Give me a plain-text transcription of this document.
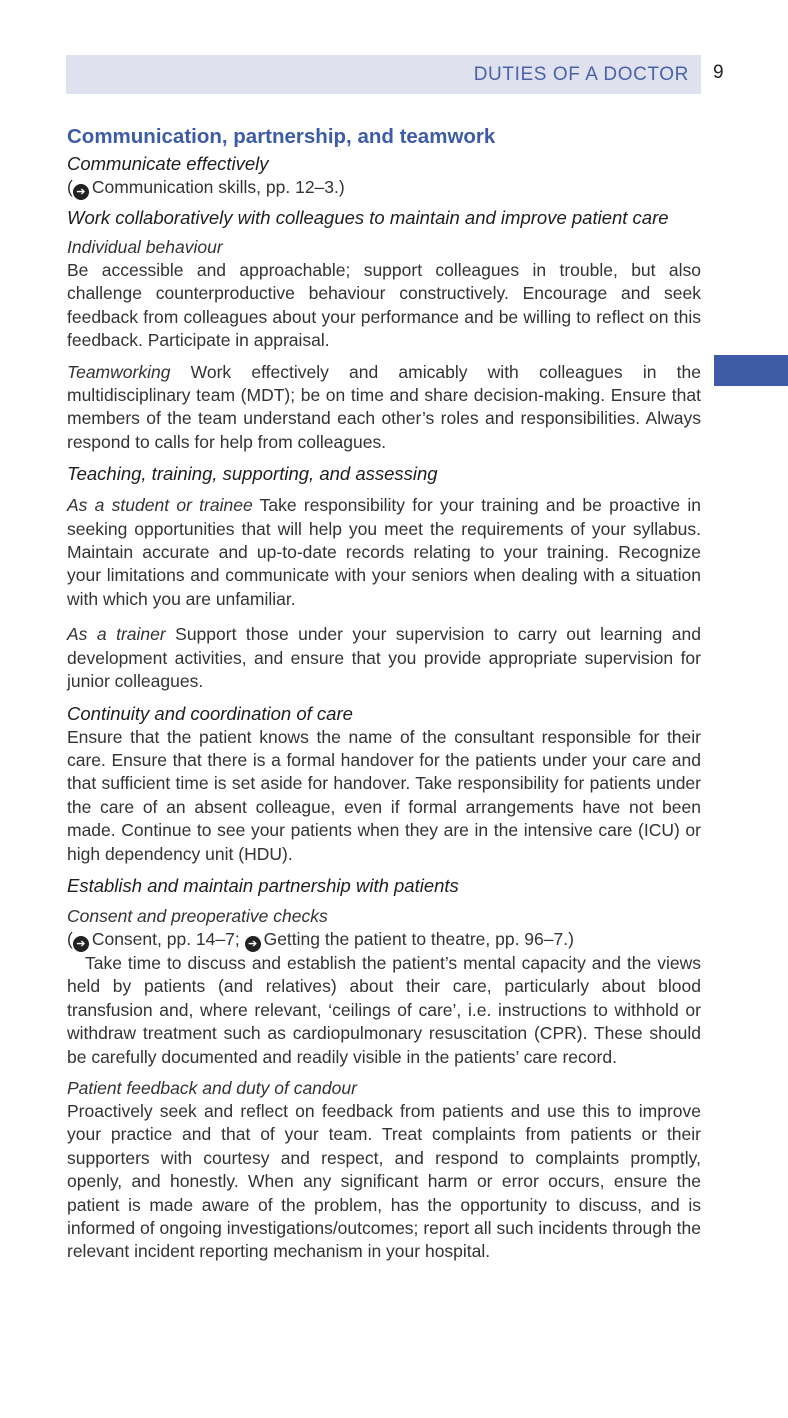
DUTIES OF A DOCTOR 9
Communication, partnership, and teamwork

Communicate effectively

( ➔ Communication skills, pp. 12–3.)

Work collaboratively with colleagues to maintain and improve patient care

Individual behaviour

Be accessible and approachable; support colleagues in trouble, but also challenge counterproductive behaviour constructively. Encourage and seek feedback from colleagues about your performance and be willing to reflect on this feedback. Participate in appraisal.

Teamworking Work effectively and amicably with colleagues in the multidisciplinary team (MDT); be on time and share decision-making. Ensure that members of the team understand each other’s roles and responsibilities. Always respond to calls for help from colleagues.

Teaching, training, supporting, and assessing

As a student or trainee Take responsibility for your training and be proactive in seeking opportunities that will help you meet the requirements of your syllabus. Maintain accurate and up-to-date records relating to your training. Recognize your limitations and communicate with your seniors when dealing with a situation with which you are unfamiliar.

As a trainer Support those under your supervision to carry out learning and development activities, and ensure that you provide appropriate supervision for junior colleagues.

Continuity and coordination of care

Ensure that the patient knows the name of the consultant responsible for their care. Ensure that there is a formal handover for the patients under your care and that sufficient time is set aside for handover. Take responsibility for patients under the care of an absent colleague, even if formal arrangements have not been made. Continue to see your patients when they are in the intensive care (ICU) or high dependency unit (HDU).

Establish and maintain partnership with patients

Consent and preoperative checks

( ➔ Consent, pp. 14–7; ➔ Getting the patient to theatre, pp. 96–7.)

Take time to discuss and establish the patient’s mental capacity and the views held by patients (and relatives) about their care, particularly about blood transfusion and, where relevant, ‘ceilings of care’, i.e. instructions to withhold or withdraw treatment such as cardiopulmonary resuscitation (CPR). These should be carefully documented and readily visible in the patients’ care record.

Patient feedback and duty of candour

Proactively seek and reflect on feedback from patients and use this to improve your practice and that of your team. Treat complaints from patients or their supporters with courtesy and respect, and respond to complaints promptly, openly, and honestly. When any significant harm or error occurs, ensure the patient is made aware of the problem, has the opportunity to discuss, and is informed of ongoing investigations/outcomes; report all such incidents through the relevant incident reporting mechanism in your hospital.
